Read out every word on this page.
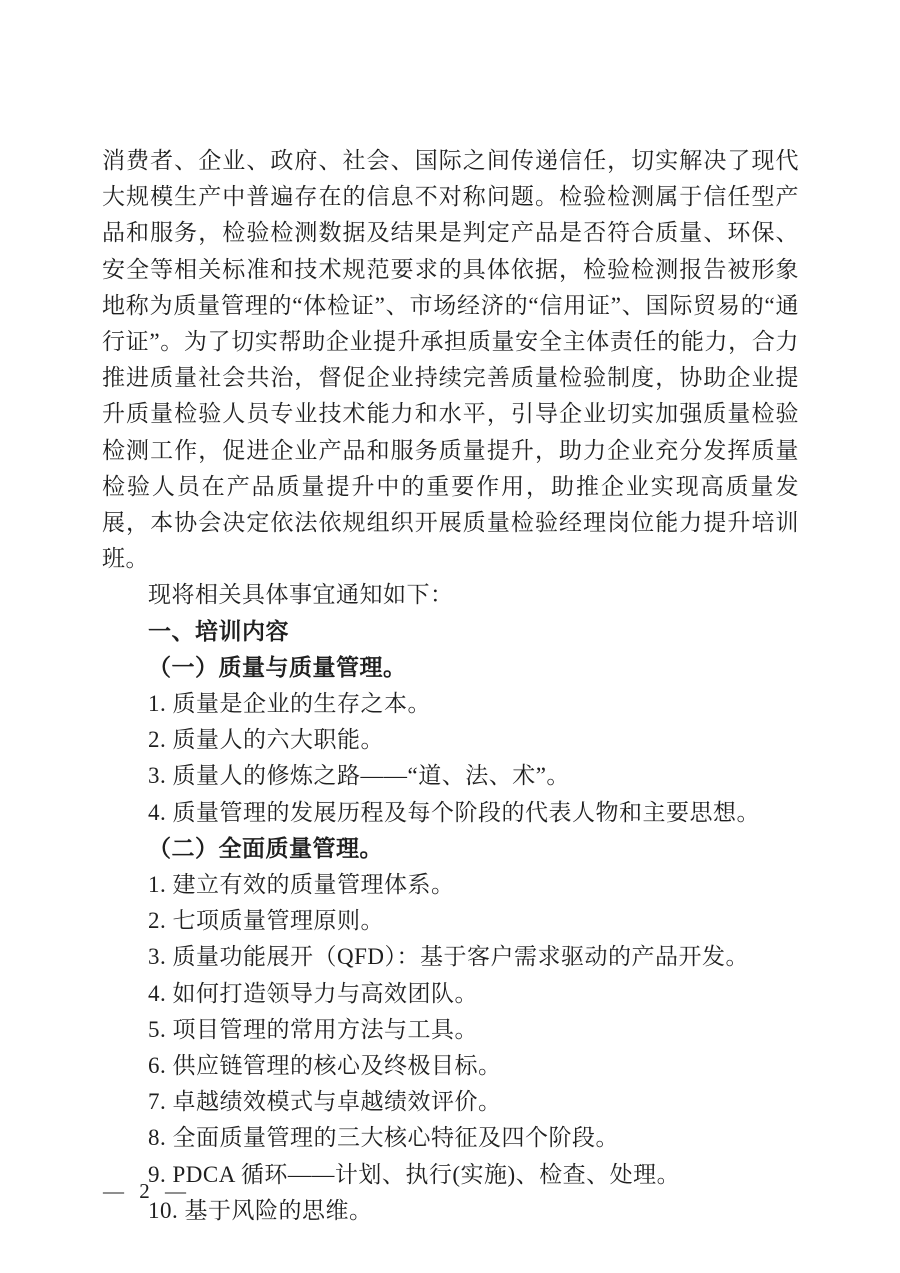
消费者、企业、政府、社会、国际之间传递信任，切实解决了现代大规模生产中普遍存在的信息不对称问题。检验检测属于信任型产品和服务，检验检测数据及结果是判定产品是否符合质量、环保、安全等相关标准和技术规范要求的具体依据，检验检测报告被形象地称为质量管理的“体检证”、市场经济的“信用证”、国际贸易的“通行证”。为了切实帮助企业提升承担质量安全主体责任的能力，合力推进质量社会共治，督促企业持续完善质量检验制度，协助企业提升质量检验人员专业技术能力和水平，引导企业切实加强质量检验检测工作，促进企业产品和服务质量提升，助力企业充分发挥质量检验人员在产品质量提升中的重要作用，助推企业实现高质量发展，本协会决定依法依规组织开展质量检验经理岗位能力提升培训班。

现将相关具体事宜通知如下：

一、培训内容

（一）质量与质量管理。

1. 质量是企业的生存之本。

2. 质量人的六大职能。

3. 质量人的修炼之路——“道、法、术”。

4. 质量管理的发展历程及每个阶段的代表人物和主要思想。

（二）全面质量管理。

1. 建立有效的质量管理体系。

2. 七项质量管理原则。

3. 质量功能展开（QFD）：基于客户需求驱动的产品开发。

4. 如何打造领导力与高效团队。

5. 项目管理的常用方法与工具。

6. 供应链管理的核心及终极目标。

7. 卓越绩效模式与卓越绩效评价。

8. 全面质量管理的三大核心特征及四个阶段。

9. PDCA 循环——计划、执行(实施)、检查、处理。

10. 基于风险的思维。

— 2 —
